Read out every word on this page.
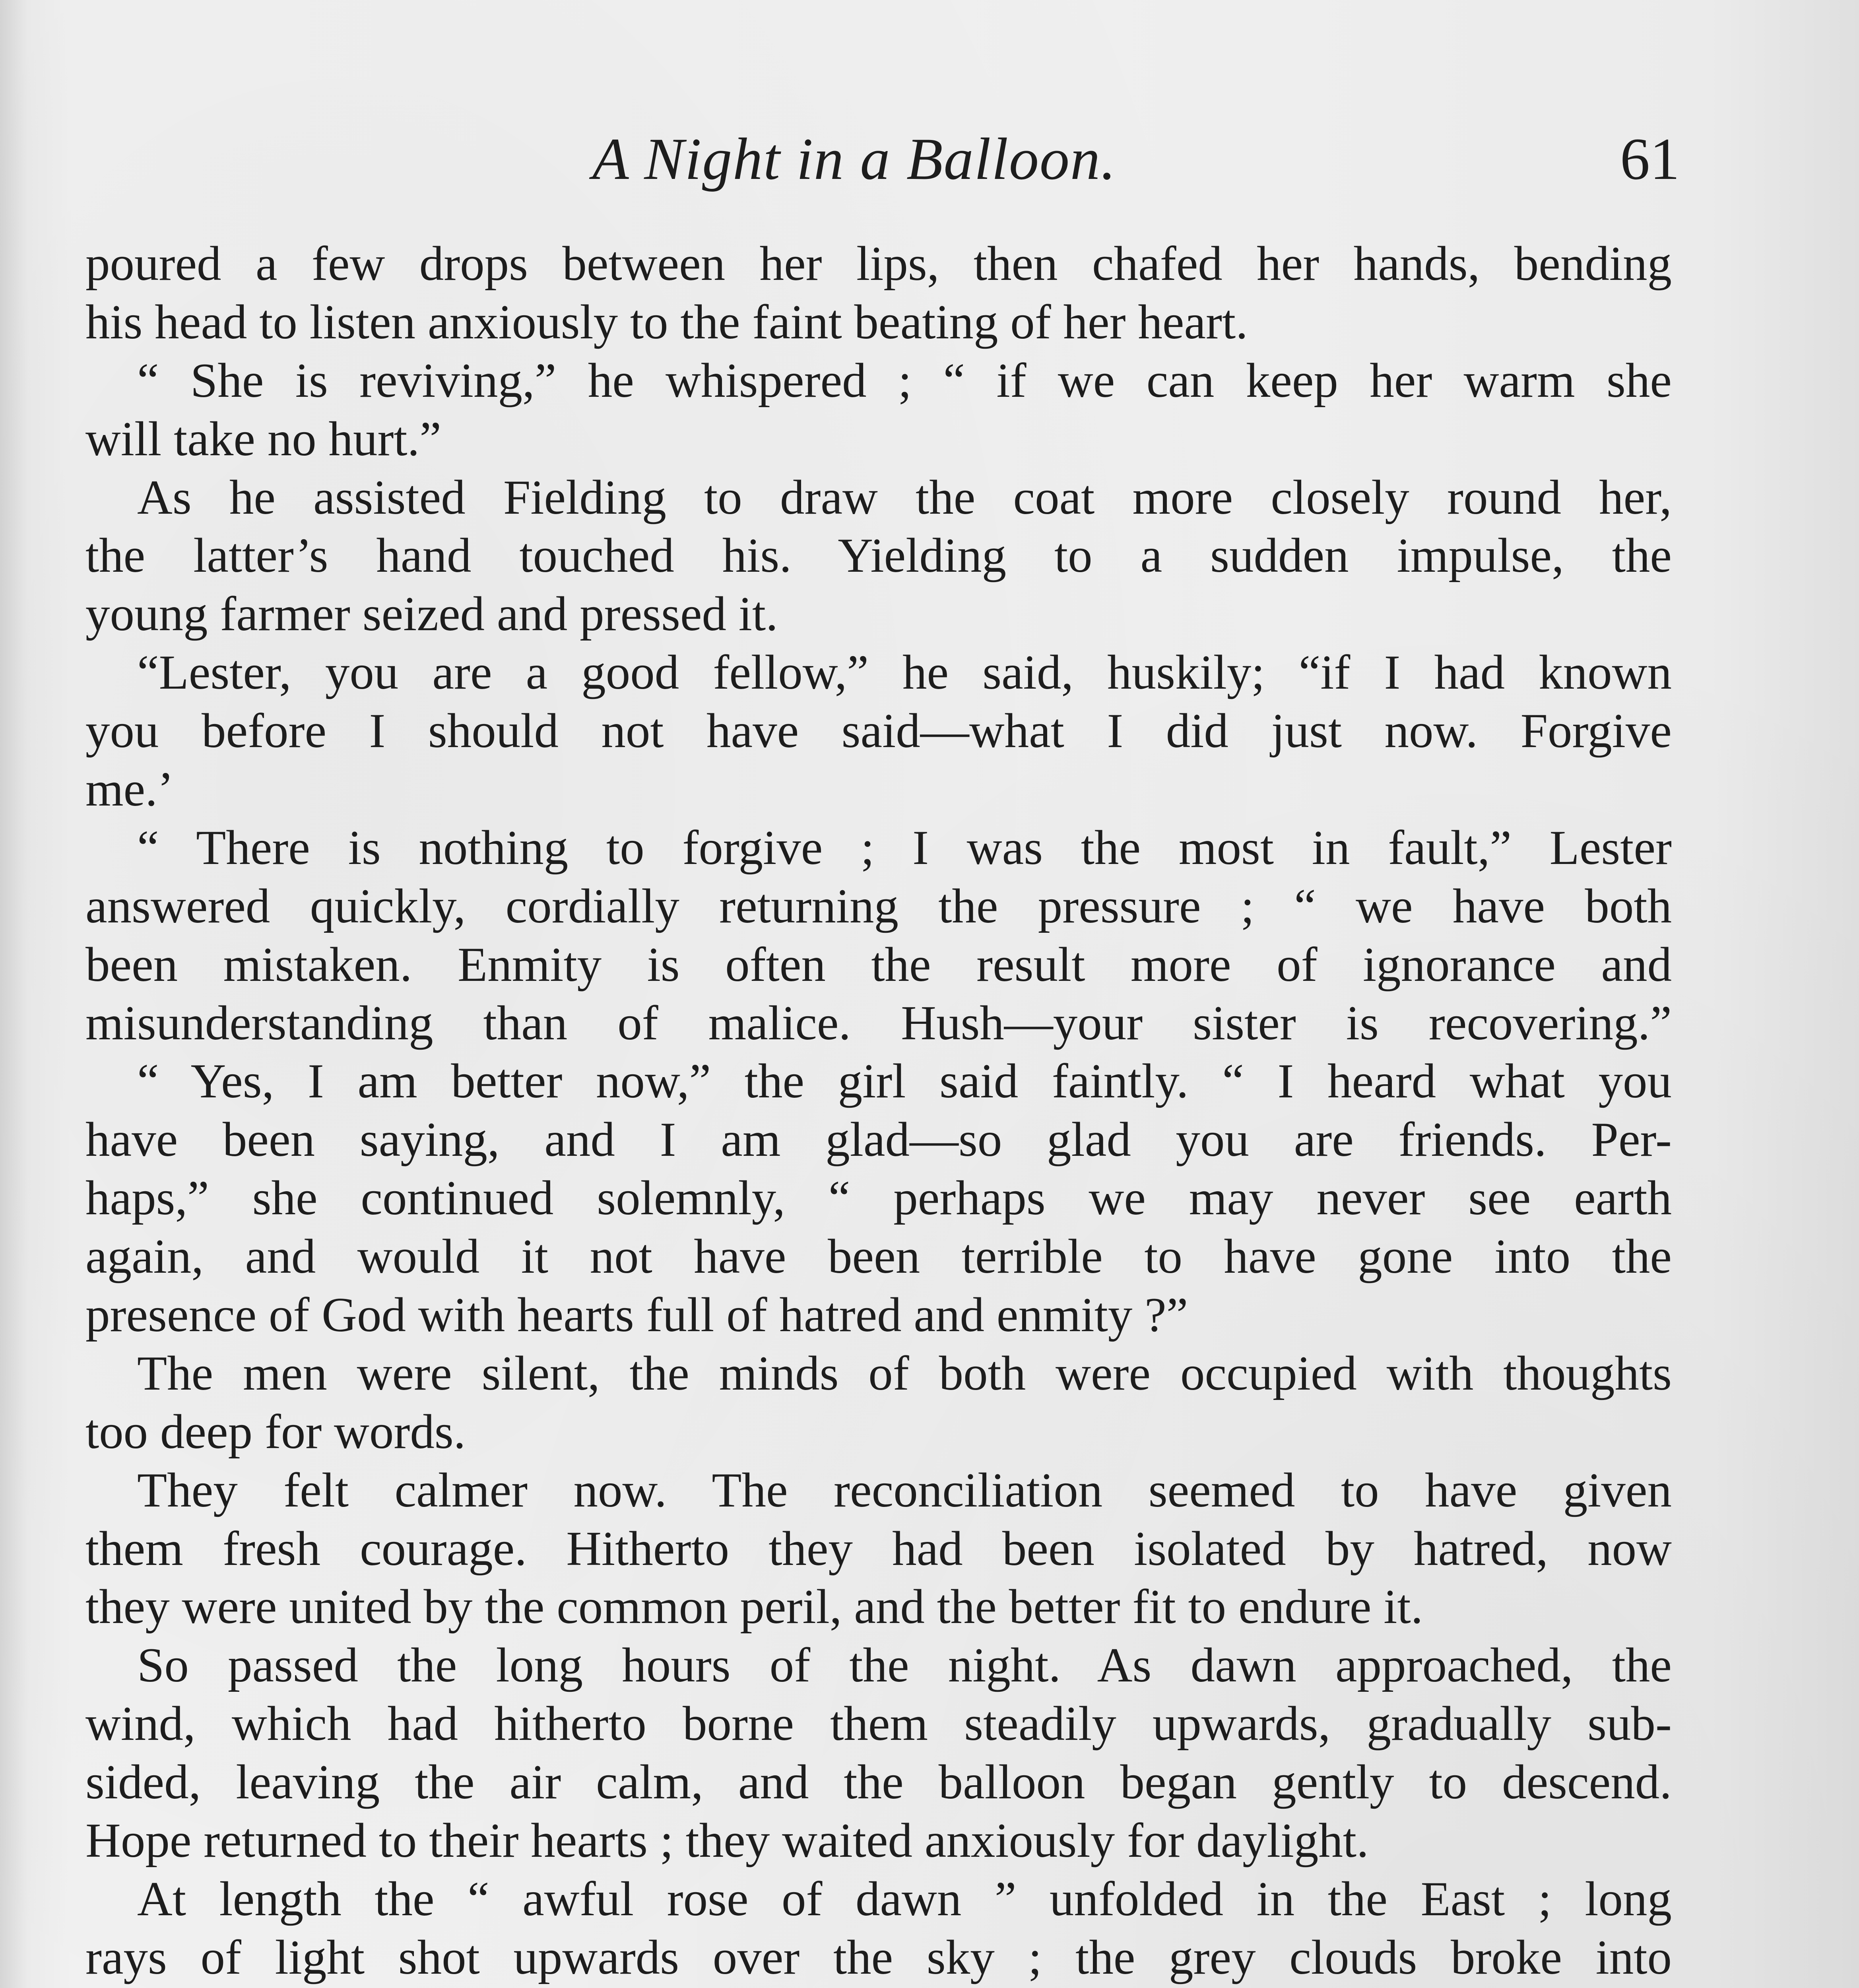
A Night in a Balloon.	61
poured a few drops between her lips, then chafed her hands, bending
his head to listen anxiously to the faint beating of her heart.
“ She is reviving,” he whispered ; “ if we can keep her warm she
will take no hurt.”
As he assisted Fielding to draw the coat more closely round her,
the latter’s hand touched his. Yielding to a sudden impulse, the
young farmer seized and pressed it.
“Lester, you are a good fellow,” he said, huskily; “if I had known
you before I should not have said—what I did just now. Forgive
me.’
“ There is nothing to forgive ; I was the most in fault,” Lester
answered quickly, cordially returning the pressure ; “ we have both
been mistaken. Enmity is often the result more of ignorance and
misunderstanding than of malice. Hush—your sister is recovering.”
“ Yes, I am better now,” the girl said faintly. “ I heard what you
have been saying, and I am glad—so glad you are friends. Per-
haps,” she continued solemnly, “ perhaps we may never see earth
again, and would it not have been terrible to have gone into the
presence of God with hearts full of hatred and enmity ?”
The men were silent, the minds of both were occupied with thoughts
too deep for words.
They felt calmer now. The reconciliation seemed to have given
them fresh courage. Hitherto they had been isolated by hatred, now
they were united by the common peril, and the better fit to endure it.
So passed the long hours of the night. As dawn approached, the
wind, which had hitherto borne them steadily upwards, gradually sub-
sided, leaving the air calm, and the balloon began gently to descend.
Hope returned to their hearts ; they waited anxiously for daylight.
At length the “ awful rose of dawn ” unfolded in the East ; long
rays of light shot upwards over the sky ; the grey clouds broke into
